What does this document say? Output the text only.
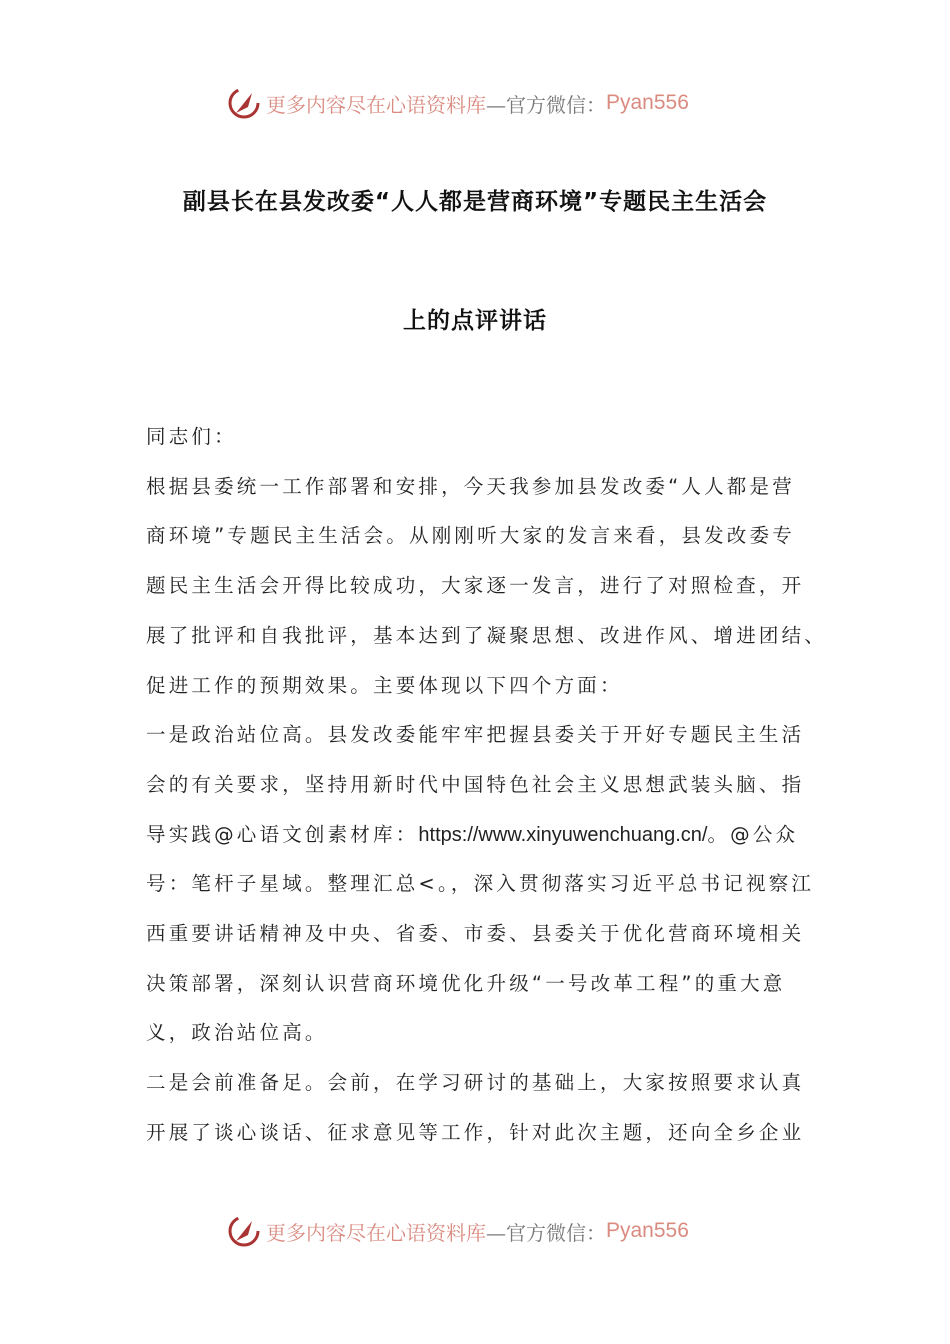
更多内容尽在心语资料库 —官方微信： Pyan556
副县长在县发改委“人人都是营商环境”专题民主生活会
上的点评讲话
同志们：
根据县委统一工作部署和安排，今天我参加县发改委“人人都是营
商环境”专题民主生活会。从刚刚听大家的发言来看，县发改委专
题民主生活会开得比较成功，大家逐一发言，进行了对照检查，开
展了批评和自我批评，基本达到了凝聚思想、改进作风、增进团结、
促进工作的预期效果。主要体现以下四个方面：
一是政治站位高。县发改委能牢牢把握县委关于开好专题民主生活
会的有关要求，坚持用新时代中国特色社会主义思想武装头脑、指
导实践@心语文创素材库：https://www.xinyuwenchuang.cn/。@公众
号：笔杆子星域。整理汇总<。，深入贯彻落实习近平总书记视察江
西重要讲话精神及中央、省委、市委、县委关于优化营商环境相关
决策部署，深刻认识营商环境优化升级“一号改革工程”的重大意
义，政治站位高。
二是会前准备足。会前，在学习研讨的基础上，大家按照要求认真
开展了谈心谈话、征求意见等工作，针对此次主题，还向全乡企业
更多内容尽在心语资料库 —官方微信： Pyan556
